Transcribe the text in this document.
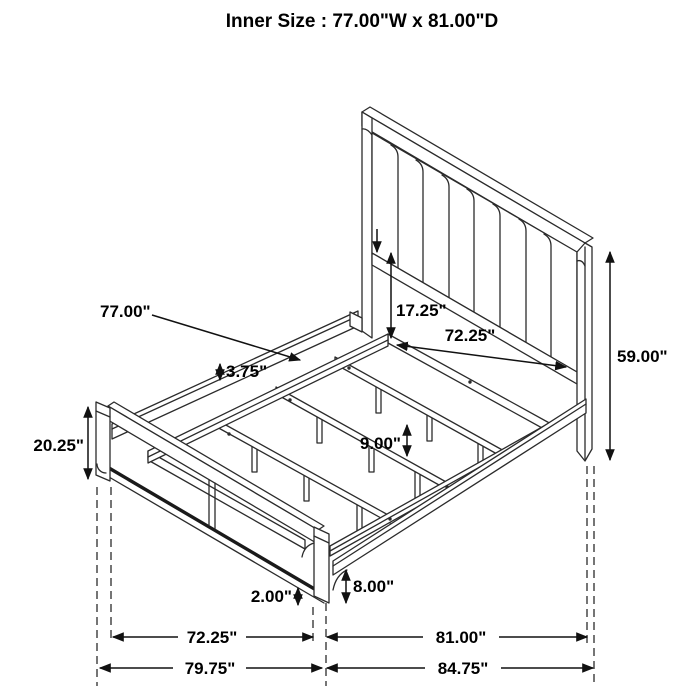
Inner Size : 77.00"W x 81.00"D
77.00"
3.75"
17.25"
72.25"
59.00"
9.00"
20.25"
2.00"
8.00"
72.25"	81.00"
79.75"	84.75"
